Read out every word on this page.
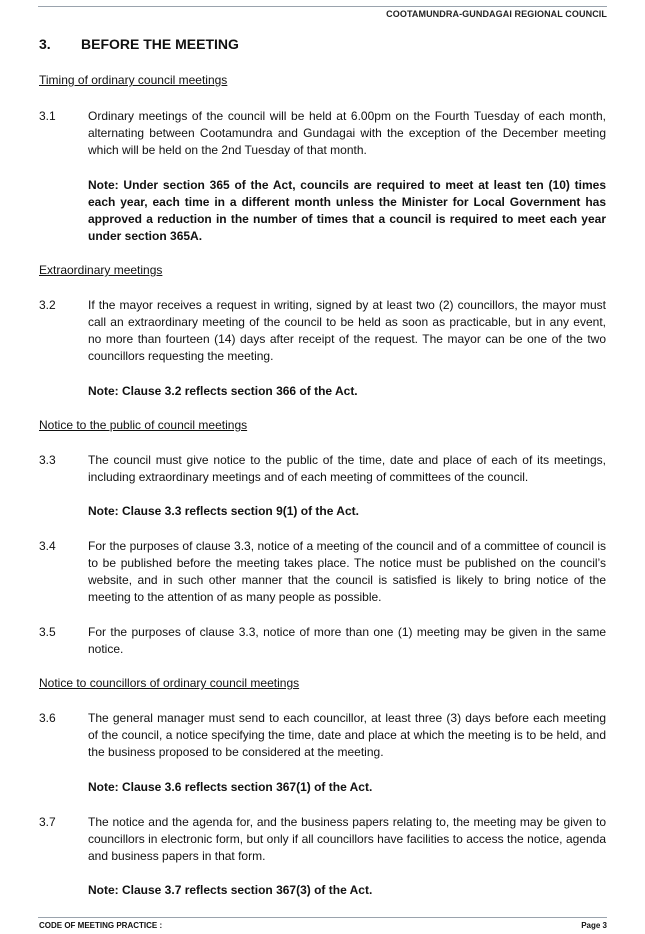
COOTAMUNDRA-GUNDAGAI REGIONAL COUNCIL
3. BEFORE THE MEETING
Timing of ordinary council meetings
3.1	Ordinary meetings of the council will be held at 6.00pm on the Fourth Tuesday of each month, alternating between Cootamundra and Gundagai with the exception of the December meeting which will be held on the 2nd Tuesday of that month.
Note: Under section 365 of the Act, councils are required to meet at least ten (10) times each year, each time in a different month unless the Minister for Local Government has approved a reduction in the number of times that a council is required to meet each year under section 365A.
Extraordinary meetings
3.2	If the mayor receives a request in writing, signed by at least two (2) councillors, the mayor must call an extraordinary meeting of the council to be held as soon as practicable, but in any event, no more than fourteen (14) days after receipt of the request. The mayor can be one of the two councillors requesting the meeting.
Note: Clause 3.2 reflects section 366 of the Act.
Notice to the public of council meetings
3.3	The council must give notice to the public of the time, date and place of each of its meetings, including extraordinary meetings and of each meeting of committees of the council.
Note: Clause 3.3 reflects section 9(1) of the Act.
3.4	For the purposes of clause 3.3, notice of a meeting of the council and of a committee of council is to be published before the meeting takes place. The notice must be published on the council’s website, and in such other manner that the council is satisfied is likely to bring notice of the meeting to the attention of as many people as possible.
3.5	For the purposes of clause 3.3, notice of more than one (1) meeting may be given in the same notice.
Notice to councillors of ordinary council meetings
3.6	The general manager must send to each councillor, at least three (3) days before each meeting of the council, a notice specifying the time, date and place at which the meeting is to be held, and the business proposed to be considered at the meeting.
Note: Clause 3.6 reflects section 367(1) of the Act.
3.7	The notice and the agenda for, and the business papers relating to, the meeting may be given to councillors in electronic form, but only if all councillors have facilities to access the notice, agenda and business papers in that form.
Note: Clause 3.7 reflects section 367(3) of the Act.
CODE OF MEETING PRACTICE :	Page 3
